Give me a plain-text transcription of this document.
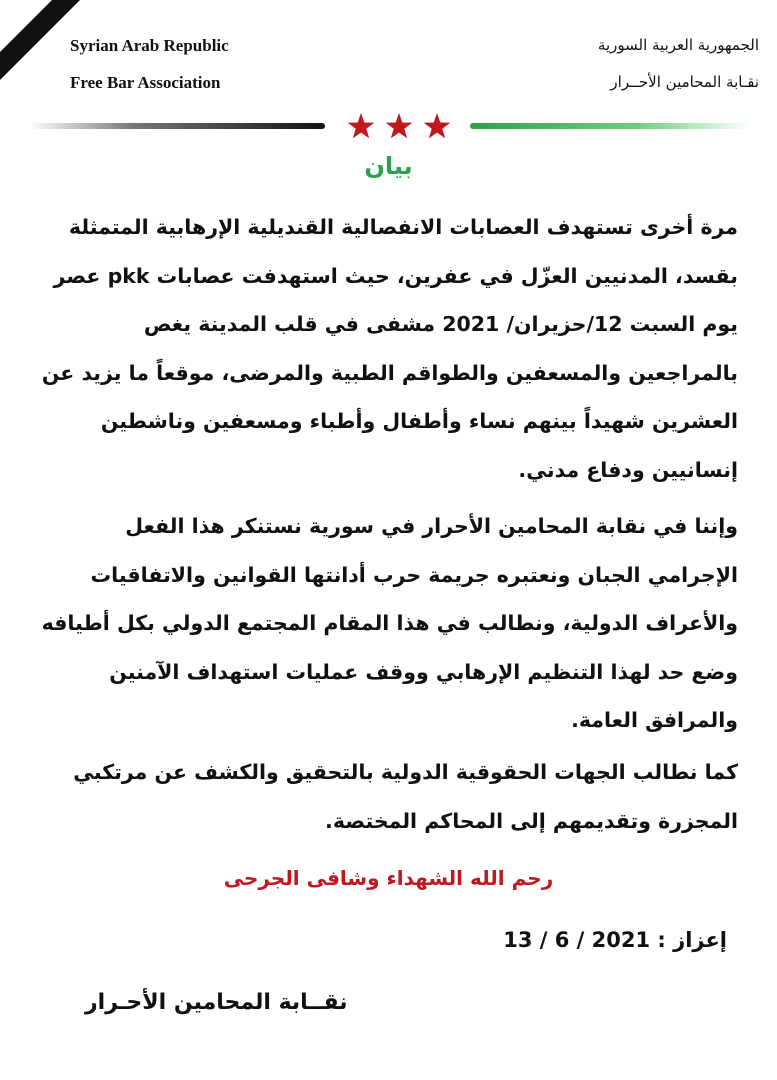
Syrian Arab Republic
Free Bar Association
الجمهورية العربية السورية
نقـابة المحامين الأحــرار
بيان
مرة أخرى تستهدف العصابات الانفصالية القنديلية الإرهابية المتمثلة
بقسد، المدنيين العزّل في عفرين، حيث استهدفت عصابات pkk عصر
يوم السبت 12/حزيران/ 2021 مشفى في قلب المدينة يغص
بالمراجعين والمسعفين والطواقم الطبية والمرضى، موقعاً ما يزيد عن
العشرين شهيداً بينهم نساء وأطفال وأطباء ومسعفين وناشطين
إنسانيين ودفاع مدني.
وإننا في نقابة المحامين الأحرار في سورية نستنكر هذا الفعل
الإجرامي الجبان ونعتبره جريمة حرب أدانتها القوانين والاتفاقيات
والأعراف الدولية، ونطالب في هذا المقام المجتمع الدولي بكل أطيافه
وضع حد لهذا التنظيم الإرهابي ووقف عمليات استهداف الآمنين
والمرافق العامة.
كما نطالب الجهات الحقوقية الدولية بالتحقيق والكشف عن مرتكبي
المجزرة وتقديمهم إلى المحاكم المختصة.
رحم الله الشهداء وشافى الجرحى
إعزاز : 13 / 6 / 2021
نقــابة المحامين الأحـرار
